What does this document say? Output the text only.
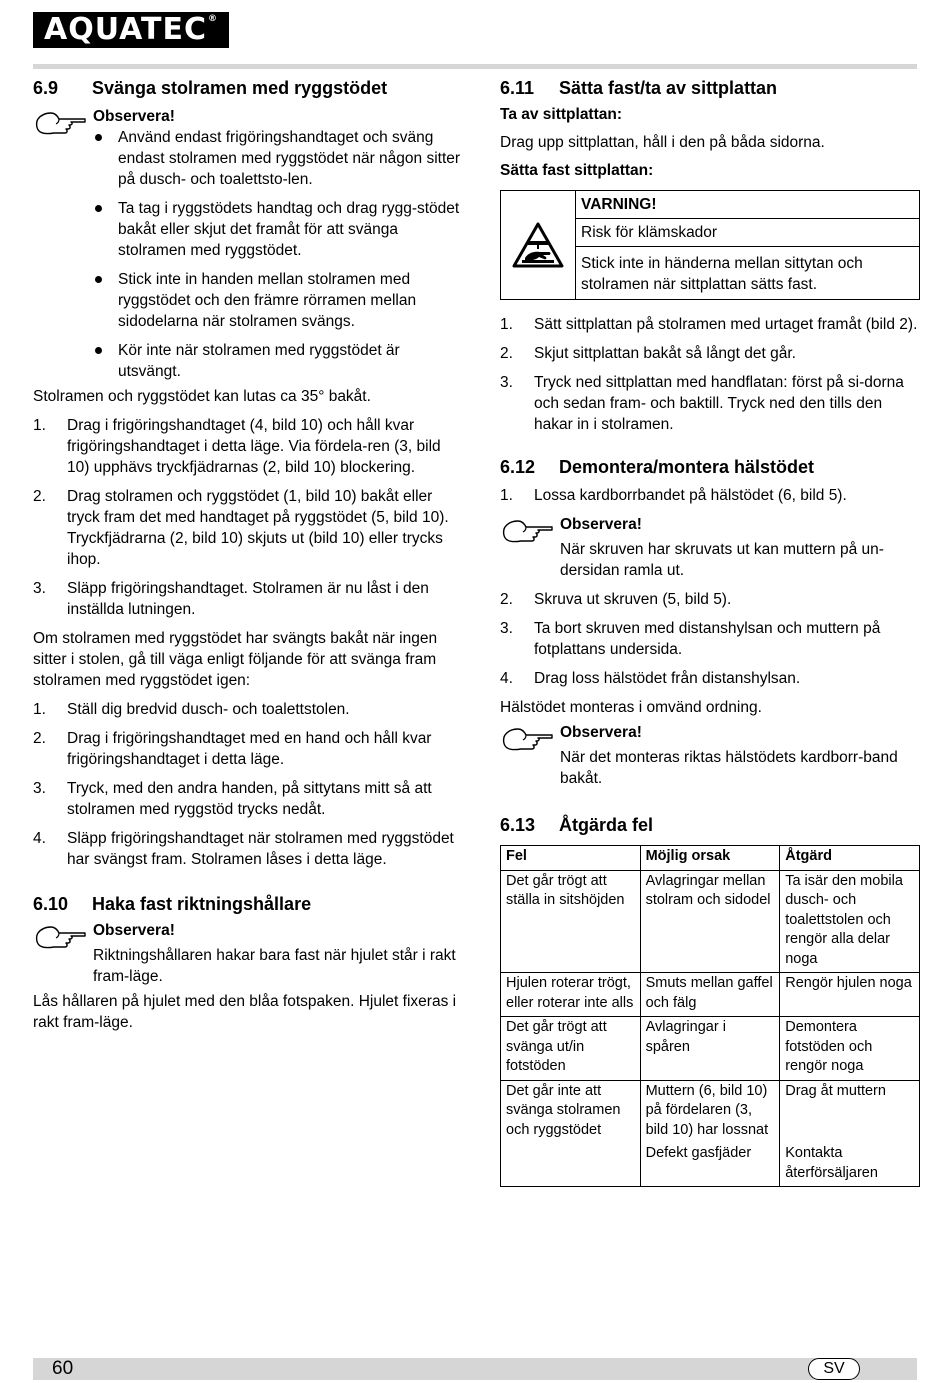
AQUATEC®
6.9 Svänga stolramen med ryggstödet

Observera!

Använd endast frigöringshandtaget och sväng endast stolramen med ryggstödet när någon sitter på dusch- och toalettsto-len.
Ta tag i ryggstödets handtag och drag rygg-stödet bakåt eller skjut det framåt för att svänga stolramen med ryggstödet.
Stick inte in handen mellan stolramen med ryggstödet och den främre rörramen mellan sidodelarna när stolramen svängs.
Kör inte när stolramen med ryggstödet är utsvängt.

Stolramen och ryggstödet kan lutas ca 35° bakåt.

1. Drag i frigöringshandtaget (4, bild 10) och håll kvar frigöringshandtaget i detta läge. Via fördela-ren (3, bild 10) upphävs tryckfjädrarnas (2, bild 10) blockering.
2. Drag stolramen och ryggstödet (1, bild 10) bakåt eller tryck fram det med handtaget på ryggstödet (5, bild 10). Tryckfjädrarna (2, bild 10) skjuts ut (bild 10) eller trycks ihop.
3. Släpp frigöringshandtaget. Stolramen är nu låst i den inställda lutningen.

Om stolramen med ryggstödet har svängts bakåt när ingen sitter i stolen, gå till väga enligt följande för att svänga fram stolramen med ryggstödet igen:

1. Ställ dig bredvid dusch- och toalettstolen.
2. Drag i frigöringshandtaget med en hand och håll kvar frigöringshandtaget i detta läge.
3. Tryck, med den andra handen, på sittytans mitt så att stolramen med ryggstöd trycks nedåt.
4. Släpp frigöringshandtaget när stolramen med ryggstödet har svängst fram. Stolramen låses i detta läge.
6.10 Haka fast riktningshållare

Observera!

Riktningshållaren hakar bara fast när hjulet står i rakt fram-läge.

Lås hållaren på hjulet med den blåa fotspaken. Hjulet fixeras i rakt fram-läge.

6.11 Sätta fast/ta av sittplattan
Ta av sittplattan:

Drag upp sittplattan, håll i den på båda sidorna.

Sätta fast sittplattan:
VARNING!
Risk för klämskador
Stick inte in händerna mellan sittytan och stolramen när sittplattan sätts fast.
1. Sätt sittplattan på stolramen med urtaget framåt (bild 2).
2. Skjut sittplattan bakåt så långt det går.
3. Tryck ned sittplattan med handflatan: först på si-dorna och sedan fram- och baktill. Tryck ned den tills den hakar in i stolramen.
6.12 Demontera/montera hälstödet
1. Lossa kardborrbandet på hälstödet (6, bild 5).

Observera!

När skruven har skruvats ut kan muttern på un-dersidan ramla ut.

2. Skruva ut skruven (5, bild 5).
3. Ta bort skruven med distanshylsan och muttern på fotplattans undersida.
4. Drag loss hälstödet från distanshylsan.

Hälstödet monteras i omvänd ordning.

Observera!

När det monteras riktas hälstödets kardborr-band bakåt.

6.13 Åtgärda fel
Fel	Möjlig orsak	Åtgärd
Det går trögt att ställa in sitshöjden	Avlagringar mellan stolram och sidodel	Ta isär den mobila dusch- och toalettstolen och rengör alla delar noga
Hjulen roterar trögt, eller roterar inte alls	Smuts mellan gaffel och fälg	Rengör hjulen noga
Det går trögt att svänga ut/in fotstöden	Avlagringar i spåren	Demontera fotstöden och rengör noga
Det går inte att svänga stolramen och ryggstödet	Muttern (6, bild 10) på fördelaren (3, bild 10) har lossnat	Drag åt muttern
	Defekt gasfjäder	Kontakta återförsäljaren
60	SV
